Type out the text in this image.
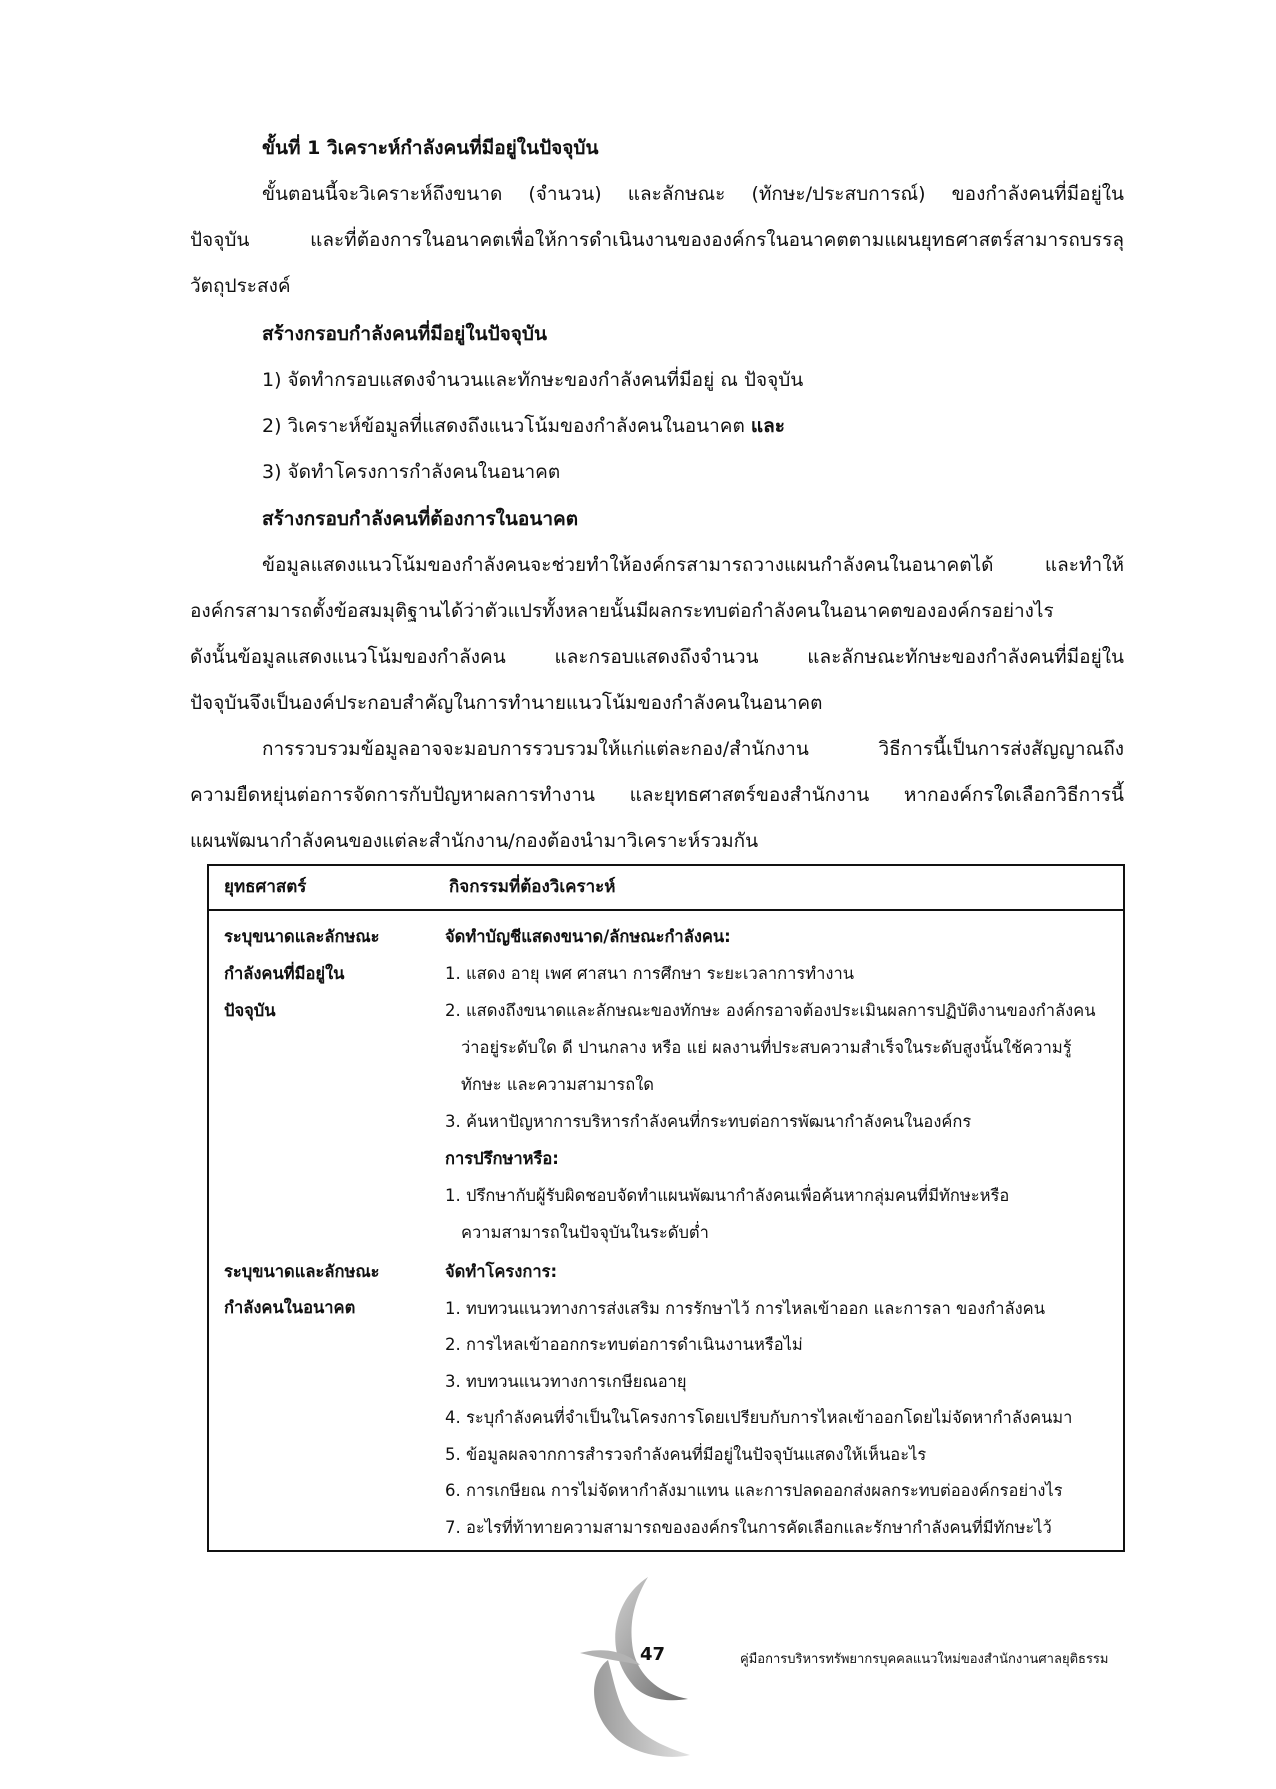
ขั้นที่ 1 วิเคราะห์กำลังคนที่มีอยู่ในปัจจุบัน
ขั้นตอนนี้จะวิเคราะห์ถึงขนาด (จำนวน) และลักษณะ (ทักษะ/ประสบการณ์) ของกำลังคนที่มีอยู่ใน
ปัจจุบัน และที่ต้องการในอนาคตเพื่อให้การดำเนินงานขององค์กรในอนาคตตามแผนยุทธศาสตร์สามารถบรรลุ
วัตถุประสงค์
สร้างกรอบกำลังคนที่มีอยู่ในปัจจุบัน
1) จัดทำกรอบแสดงจำนวนและทักษะของกำลังคนที่มีอยู่ ณ ปัจจุบัน
2) วิเคราะห์ข้อมูลที่แสดงถึงแนวโน้มของกำลังคนในอนาคต และ
3) จัดทำโครงการกำลังคนในอนาคต
สร้างกรอบกำลังคนที่ต้องการในอนาคต
ข้อมูลแสดงแนวโน้มของกำลังคนจะช่วยทำให้องค์กรสามารถวางแผนกำลังคนในอนาคตได้ และทำให้
องค์กรสามารถตั้งข้อสมมุติฐานได้ว่าตัวแปรทั้งหลายนั้นมีผลกระทบต่อกำลังคนในอนาคตขององค์กรอย่างไร
ดังนั้นข้อมูลแสดงแนวโน้มของกำลังคน และกรอบแสดงถึงจำนวน และลักษณะทักษะของกำลังคนที่มีอยู่ใน
ปัจจุบันจึงเป็นองค์ประกอบสำคัญในการทำนายแนวโน้มของกำลังคนในอนาคต
การรวบรวมข้อมูลอาจจะมอบการรวบรวมให้แก่แต่ละกอง/สำนักงาน วิธีการนี้เป็นการส่งสัญญาณถึง
ความยืดหยุ่นต่อการจัดการกับปัญหาผลการทำงาน และยุทธศาสตร์ของสำนักงาน หากองค์กรใดเลือกวิธีการนี้
แผนพัฒนากำลังคนของแต่ละสำนักงาน/กองต้องนำมาวิเคราะห์รวมกัน
ยุทธศาสตร์	กิจกรรมที่ต้องวิเคราะห์
ระบุขนาดและลักษณะ
กำลังคนที่มีอยู่ใน
ปัจจุบัน
จัดทำบัญชีแสดงขนาด/ลักษณะกำลังคน:
1. แสดง อายุ เพศ ศาสนา การศึกษา ระยะเวลาการทำงาน
2. แสดงถึงขนาดและลักษณะของทักษะ องค์กรอาจต้องประเมินผลการปฏิบัติงานของกำลังคน
ว่าอยู่ระดับใด ดี ปานกลาง หรือ แย่ ผลงานที่ประสบความสำเร็จในระดับสูงนั้นใช้ความรู้
ทักษะ และความสามารถใด
3. ค้นหาปัญหาการบริหารกำลังคนที่กระทบต่อการพัฒนากำลังคนในองค์กร
การปรึกษาหรือ:
1. ปรึกษากับผู้รับผิดชอบจัดทำแผนพัฒนากำลังคนเพื่อค้นหากลุ่มคนที่มีทักษะหรือ
ความสามารถในปัจจุบันในระดับต่ำ
ระบุขนาดและลักษณะ
กำลังคนในอนาคต
จัดทำโครงการ:
1. ทบทวนแนวทางการส่งเสริม การรักษาไว้ การไหลเข้าออก และการลา ของกำลังคน
2. การไหลเข้าออกกระทบต่อการดำเนินงานหรือไม่
3. ทบทวนแนวทางการเกษียณอายุ
4. ระบุกำลังคนที่จำเป็นในโครงการโดยเปรียบกับการไหลเข้าออกโดยไม่จัดหากำลังคนมา
5. ข้อมูลผลจากการสำรวจกำลังคนที่มีอยู่ในปัจจุบันแสดงให้เห็นอะไร
6. การเกษียณ การไม่จัดหากำลังมาแทน และการปลดออกส่งผลกระทบต่อองค์กรอย่างไร
7. อะไรที่ท้าทายความสามารถขององค์กรในการคัดเลือกและรักษากำลังคนที่มีทักษะไว้
47	คู่มือการบริหารทรัพยากรบุคคลแนวใหม่ของสำนักงานศาลยุติธรรม
